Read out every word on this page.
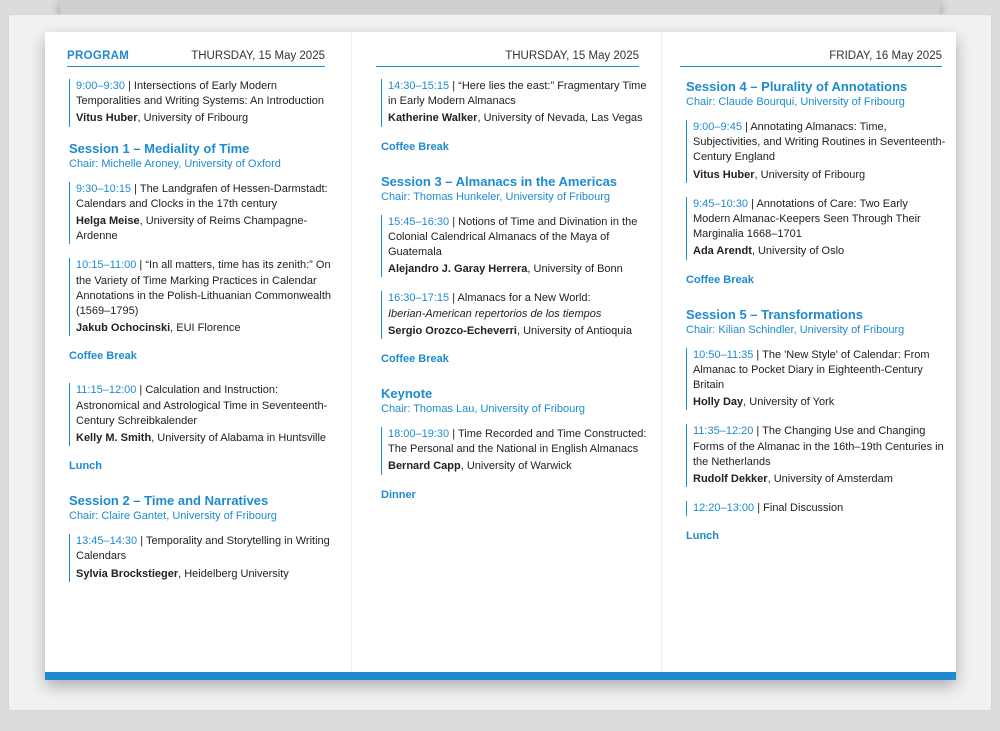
PROGRAM	THURSDAY, 15 May 2025
9:00–9:30 | Intersections of Early Modern Temporalities and Writing Systems: An Introduction
Vitus Huber, University of Fribourg
Session 1 – Mediality of Time
Chair: Michelle Aroney, University of Oxford
9:30–10:15 | The Landgrafen of Hessen-Darmstadt: Calendars and Clocks in the 17th century
Helga Meise, University of Reims Champagne-Ardenne
10:15–11:00 | “In all matters, time has its zenith:” On the Variety of Time Marking Practices in Calendar Annotations in the Polish-Lithuanian Commonwealth (1569–1795)
Jakub Ochocinski, EUI Florence
Coffee Break
11:15–12:00 | Calculation and Instruction: Astronomical and Astrological Time in Seventeenth-Century Schreibkalender
Kelly M. Smith, University of Alabama in Huntsville
Lunch
Session 2 – Time and Narratives
Chair: Claire Gantet, University of Fribourg
13:45–14:30 | Temporality and Storytelling in Writing Calendars
Sylvia Brockstieger, Heidelberg University
THURSDAY, 15 May 2025
14:30–15:15 | “Here lies the east:” Fragmentary Time in Early Modern Almanacs
Katherine Walker, University of Nevada, Las Vegas
Coffee Break
Session 3 – Almanacs in the Americas
Chair: Thomas Hunkeler, University of Fribourg
15:45–16:30 | Notions of Time and Divination in the Colonial Calendrical Almanacs of the Maya of Guatemala
Alejandro J. Garay Herrera, University of Bonn
16:30–17:15 | Almanacs for a New World:
Iberian-American repertorios de los tiempos
Sergio Orozco-Echeverri, University of Antioquia
Coffee Break
Keynote
Chair: Thomas Lau, University of Fribourg
18:00–19:30 | Time Recorded and Time Constructed: The Personal and the National in English Almanacs
Bernard Capp, University of Warwick
Dinner
FRIDAY, 16 May 2025
Session 4 – Plurality of Annotations
Chair: Claude Bourqui, University of Fribourg
9:00–9:45 | Annotating Almanacs: Time, Subjectivities, and Writing Routines in Seventeenth-Century England
Vitus Huber, University of Fribourg
9:45–10:30 | Annotations of Care: Two Early Modern Almanac-Keepers Seen Through Their Marginalia 1668–1701
Ada Arendt, University of Oslo
Coffee Break
Session 5 – Transformations
Chair: Kilian Schindler, University of Fribourg
10:50–11:35 | The 'New Style' of Calendar: From Almanac to Pocket Diary in Eighteenth-Century Britain
Holly Day, University of York
11:35–12:20 | The Changing Use and Changing Forms of the Almanac in the 16th–19th Centuries in the Netherlands
Rudolf Dekker, University of Amsterdam
12:20–13:00 | Final Discussion
Lunch
